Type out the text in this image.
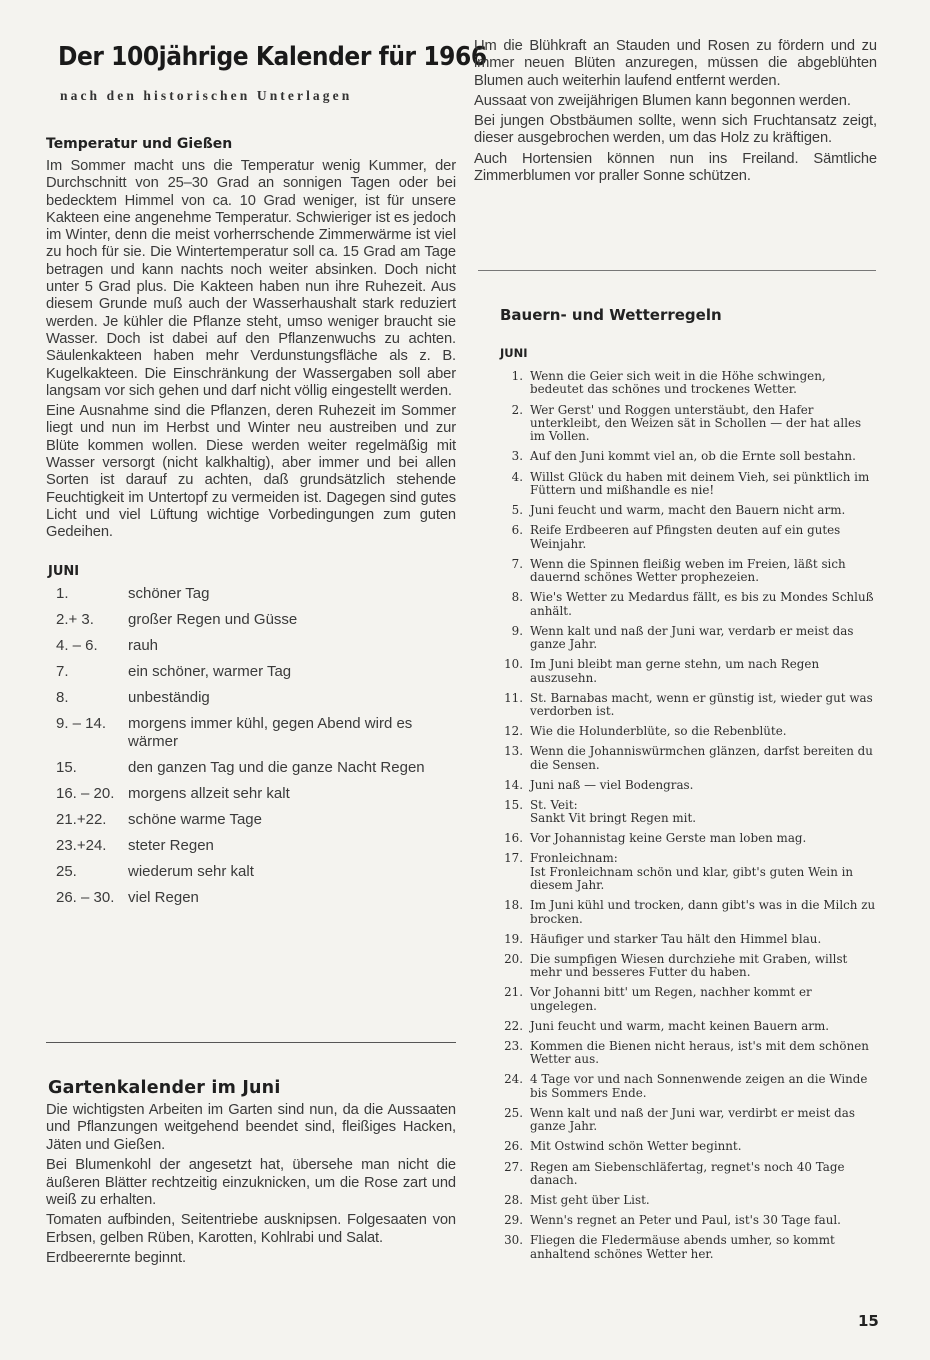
Der 100jährige Kalender für 1966
nach den historischen Unterlagen
Temperatur und Gießen

Im Sommer macht uns die Temperatur wenig Kummer, der Durchschnitt von 25–30 Grad an sonnigen Tagen oder bei bedecktem Himmel von ca. 10 Grad weniger, ist für unsere Kakteen eine angenehme Temperatur. Schwieriger ist es jedoch im Winter, denn die meist vorherrschende Zimmerwärme ist viel zu hoch für sie. Die Wintertemperatur soll ca. 15 Grad am Tage betragen und kann nachts noch weiter absinken. Doch nicht unter 5 Grad plus. Die Kakteen haben nun ihre Ruhezeit. Aus diesem Grunde muß auch der Wasserhaushalt stark reduziert werden. Je kühler die Pflanze steht, umso weniger braucht sie Wasser. Doch ist dabei auf den Pflanzenwuchs zu achten. Säulenkakteen haben mehr Verdunstungsfläche als z. B. Kugelkakteen. Die Einschränkung der Wassergaben soll aber langsam vor sich gehen und darf nicht völlig eingestellt werden.

Eine Ausnahme sind die Pflanzen, deren Ruhezeit im Sommer liegt und nun im Herbst und Winter neu austreiben und zur Blüte kommen wollen. Diese werden weiter regelmäßig mit Wasser versorgt (nicht kalkhaltig), aber immer und bei allen Sorten ist darauf zu achten, daß grundsätzlich stehende Feuchtigkeit im Untertopf zu vermeiden ist. Dagegen sind gutes Licht und viel Lüftung wichtige Vorbedingungen zum guten Gedeihen.

JUNI
1.	schöner Tag
2.+ 3.	großer Regen und Güsse
4. – 6.	rauh
7.	ein schöner, warmer Tag
8.	unbeständig
9. – 14.	morgens immer kühl, gegen Abend wird es wärmer
15.	den ganzen Tag und die ganze Nacht Regen
16. – 20. morgens allzeit sehr kalt
21.+22.	schöne warme Tage
23.+24.	steter Regen
25.	wiederum sehr kalt
26. – 30. viel Regen
Gartenkalender im Juni

Die wichtigsten Arbeiten im Garten sind nun, da die Aussaaten und Pflanzungen weitgehend beendet sind, fleißiges Hacken, Jäten und Gießen.

Bei Blumenkohl der angesetzt hat, übersehe man nicht die äußeren Blätter rechtzeitig einzuknicken, um die Rose zart und weiß zu erhalten.

Tomaten aufbinden, Seitentriebe ausknipsen. Folgesaaten von Erbsen, gelben Rüben, Karotten, Kohlrabi und Salat.

Erdbeerernte beginnt.

Um die Blühkraft an Stauden und Rosen zu fördern und zu immer neuen Blüten anzuregen, müssen die abgeblühten Blumen auch weiterhin laufend entfernt werden.

Aussaat von zweijährigen Blumen kann begonnen werden.

Bei jungen Obstbäumen sollte, wenn sich Fruchtansatz zeigt, dieser ausgebrochen werden, um das Holz zu kräftigen.

Auch Hortensien können nun ins Freiland. Sämtliche Zimmerblumen vor praller Sonne schützen.

Bauern- und Wetterregeln
JUNI
1. Wenn die Geier sich weit in die Höhe schwingen, bedeutet das schönes und trockenes Wetter.
2. Wer Gerst' und Roggen unterstäubt, den Hafer unterkleibt, den Weizen sät in Schollen — der hat alles im Vollen.
3. Auf den Juni kommt viel an, ob die Ernte soll bestahn.
4. Willst Glück du haben mit deinem Vieh, sei pünktlich im Füttern und mißhandle es nie!
5. Juni feucht und warm, macht den Bauern nicht arm.
6. Reife Erdbeeren auf Pfingsten deuten auf ein gutes Weinjahr.
7. Wenn die Spinnen fleißig weben im Freien, läßt sich dauernd schönes Wetter prophezeien.
8. Wie's Wetter zu Medardus fällt, es bis zu Mondes Schluß anhält.
9. Wenn kalt und naß der Juni war, verdarb er meist das ganze Jahr.
10. Im Juni bleibt man gerne stehn, um nach Regen auszusehn.
11. St. Barnabas macht, wenn er günstig ist, wieder gut was verdorben ist.
12. Wie die Holunderblüte, so die Rebenblüte.
13. Wenn die Johanniswürmchen glänzen, darfst bereiten du die Sensen.
14. Juni naß — viel Bodengras.
15. St. Veit:
Sankt Vit bringt Regen mit.
16. Vor Johannistag keine Gerste man loben mag.
17. Fronleichnam:
Ist Fronleichnam schön und klar, gibt's guten Wein in diesem Jahr.
18. Im Juni kühl und trocken, dann gibt's was in die Milch zu brocken.
19. Häufiger und starker Tau hält den Himmel blau.
20. Die sumpfigen Wiesen durchziehe mit Graben, willst mehr und besseres Futter du haben.
21. Vor Johanni bitt' um Regen, nachher kommt er ungelegen.
22. Juni feucht und warm, macht keinen Bauern arm.
23. Kommen die Bienen nicht heraus, ist's mit dem schönen Wetter aus.
24. 4 Tage vor und nach Sonnenwende zeigen an die Winde bis Sommers Ende.
25. Wenn kalt und naß der Juni war, verdirbt er meist das ganze Jahr.
26. Mit Ostwind schön Wetter beginnt.
27. Regen am Siebenschläfertag, regnet's noch 40 Tage danach.
28. Mist geht über List.
29. Wenn's regnet an Peter und Paul, ist's 30 Tage faul.
30. Fliegen die Fledermäuse abends umher, so kommt anhaltend schönes Wetter her.
15
